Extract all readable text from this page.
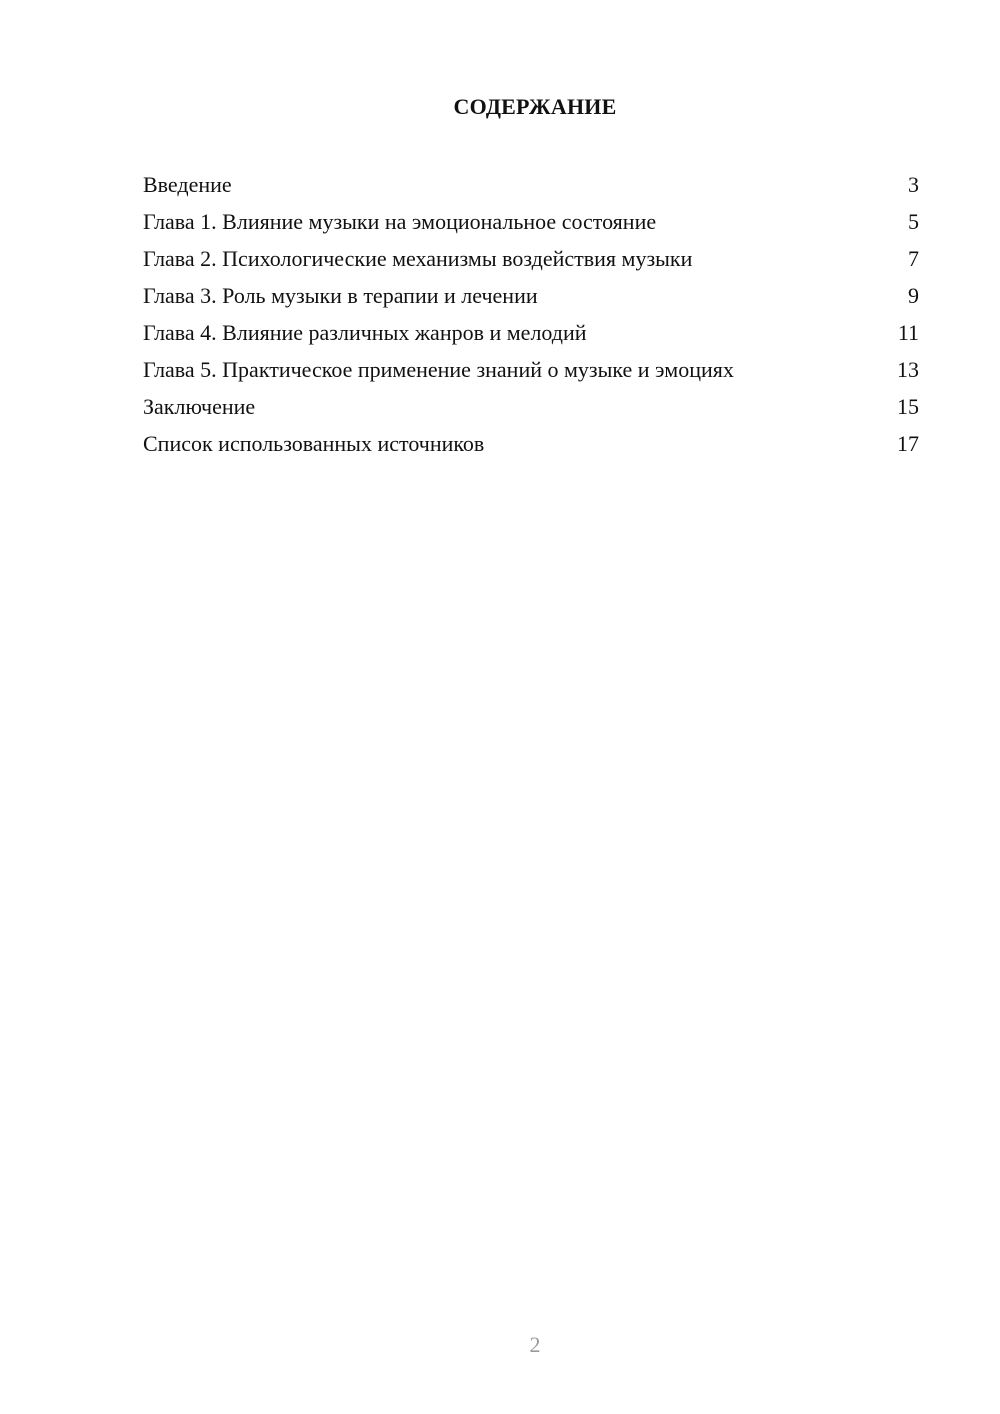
СОДЕРЖАНИЕ
Введение	3
Глава 1. Влияние музыки на эмоциональное состояние	5
Глава 2. Психологические механизмы воздействия музыки	7
Глава 3. Роль музыки в терапии и лечении	9
Глава 4. Влияние различных жанров и мелодий	11
Глава 5. Практическое применение знаний о музыке и эмоциях	13
Заключение	15
Список использованных источников	17
2
